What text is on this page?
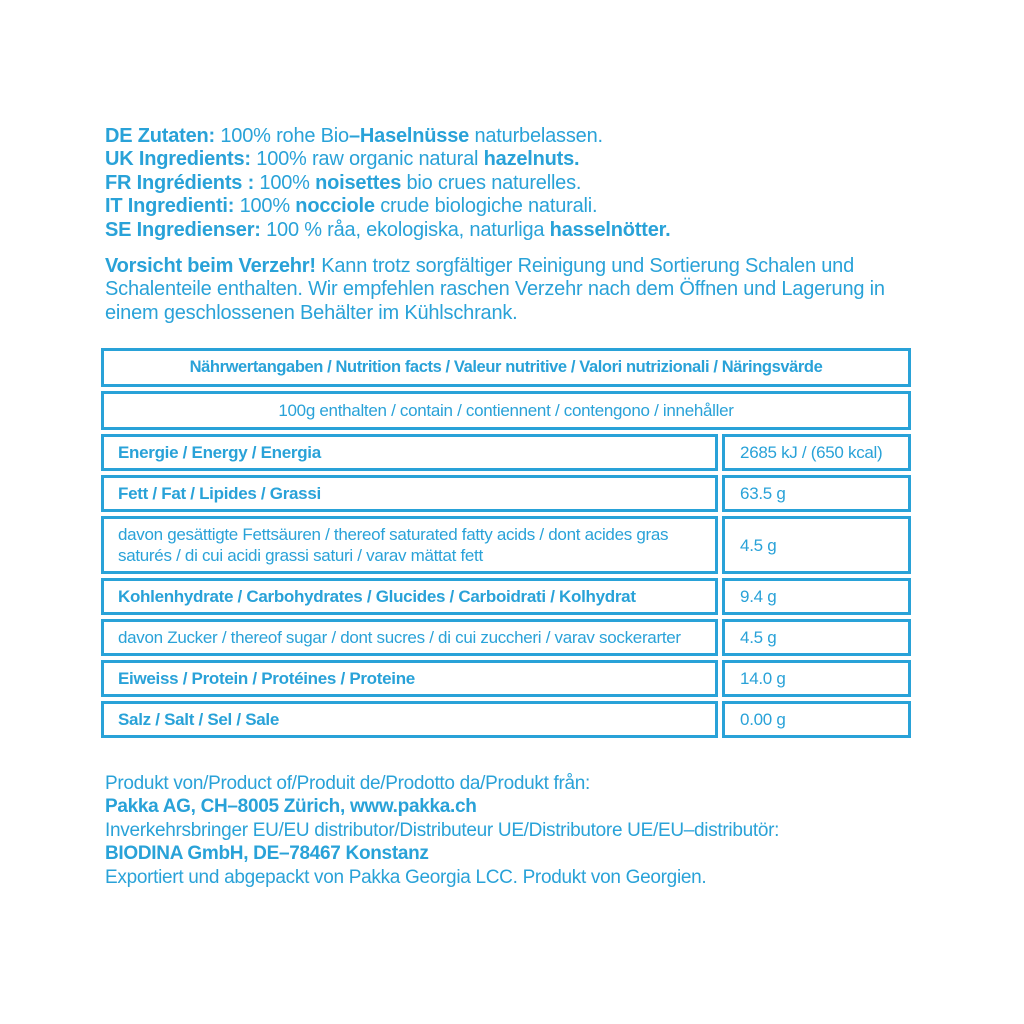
DE Zutaten: 100% rohe Bio–Haselnüsse naturbelassen.

UK Ingredients: 100% raw organic natural hazelnuts.

FR Ingrédients : 100% noisettes bio crues naturelles.

IT Ingredienti: 100% nocciole crude biologiche naturali.

SE Ingredienser: 100 % råa, ekologiska, naturliga hasselnötter.

Vorsicht beim Verzehr! Kann trotz sorgfältiger Reinigung und Sortierung Schalen und Schalenteile enthalten. Wir empfehlen raschen Verzehr nach dem Öffnen und Lagerung in einem geschlossenen Behälter im Kühlschrank.

Nährwertangaben / Nutrition facts / Valeur nutritive / Valori nutrizionali / Näringsvärde	
100g enthalten / contain / contiennent / contengono / innehåller	
Energie / Energy / Energia	2685 kJ / (650 kcal)
Fett / Fat / Lipides / Grassi	63.5 g
davon gesättigte Fettsäuren / thereof saturated fatty acids / dont acides gras saturés / di cui acidi grassi saturi / varav mättat fett	4.5 g
Kohlenhydrate / Carbohydrates / Glucides / Carboidrati / Kolhydrat	9.4 g
davon Zucker / thereof sugar / dont sucres / di cui zuccheri / varav sockerarter	4.5 g
Eiweiss / Protein / Protéines / Proteine	14.0 g
Salz / Salt / Sel / Sale	0.00 g

Produkt von/Product of/Produit de/Prodotto da/Produkt från:

Pakka AG, CH–8005 Zürich, www.pakka.ch

Inverkehrsbringer EU/EU distributor/Distributeur UE/Distributore UE/EU–distributör:

BIODINA GmbH, DE–78467 Konstanz

Exportiert und abgepackt von Pakka Georgia LCC. Produkt von Georgien.
